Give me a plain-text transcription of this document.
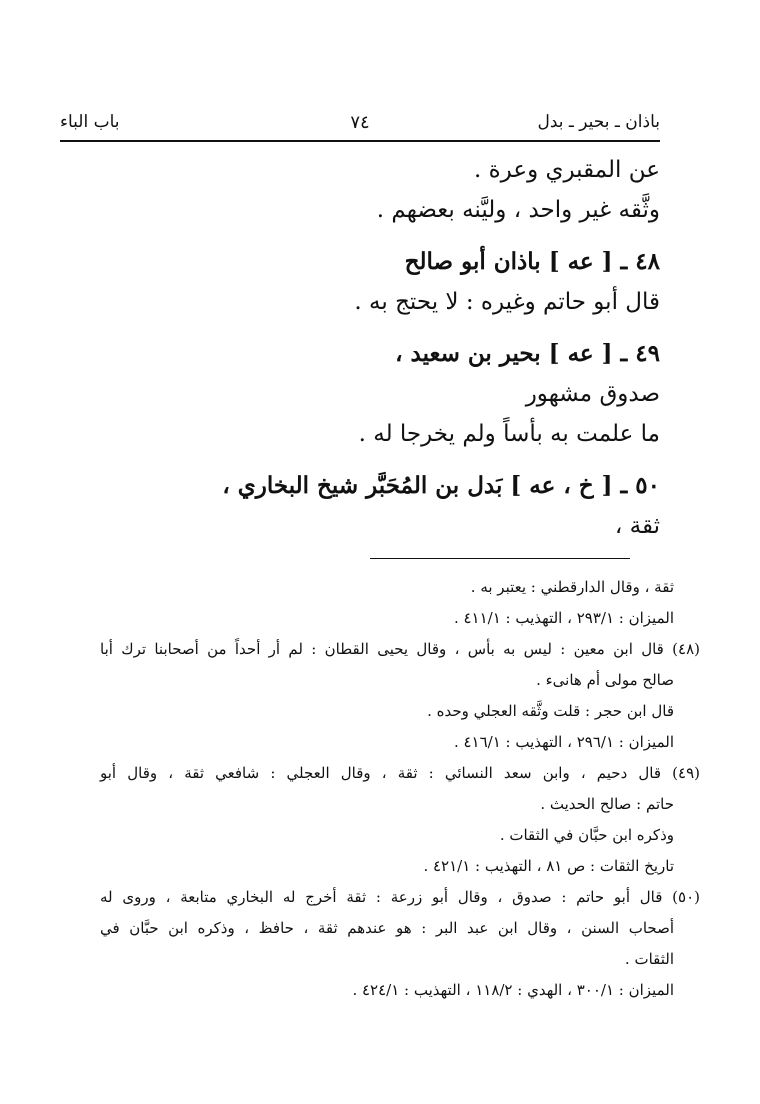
باذان ـ بحير ـ بدل
٧٤
باب الباء
عن المقبري وعرة .
وثَّقه غير واحد ، وليَّنه بعضهم .
٤٨ ـ [ عه ] باذان أبو صالح
قال أبو حاتم وغيره : لا يحتج به .
٤٩ ـ [ عه ] بحير بن سعيد ،
صدوق مشهور
ما علمت به بأساً ولم يخرجا له .
٥٠ ـ [ خ ، عه ] بَدل بن المُحَبَّر شيخ البخاري ،
ثقة ،
ثقة ، وقال الدارقطني : يعتبر به .
الميزان : ٢٩٣/١ ، التهذيب : ٤١١/١ .
(٤٨) قال ابن معين : ليس به بأس ، وقال يحيى القطان : لم أر أحداً من أصحابنا ترك أبا
صالح مولى أم هانىء .
قال ابن حجر : قلت وثَّقه العجلي وحده .
الميزان : ٢٩٦/١ ، التهذيب : ٤١٦/١ .
(٤٩) قال دحيم ، وابن سعد النسائي : ثقة ، وقال العجلي : شافعي ثقة ، وقال أبو
حاتم : صالح الحديث .
وذكره ابن حبَّان في الثقات .
تاريخ الثقات : ص ٨١ ، التهذيب : ٤٢١/١ .
(٥٠) قال أبو حاتم : صدوق ، وقال أبو زرعة : ثقة أخرج له البخاري متابعة ، وروى له
أصحاب السنن ، وقال ابن عبد البر : هو عندهم ثقة ، حافظ ، وذكره ابن حبَّان في
الثقات .
الميزان : ٣٠٠/١ ، الهدي : ١١٨/٢ ، التهذيب : ٤٢٤/١ .
